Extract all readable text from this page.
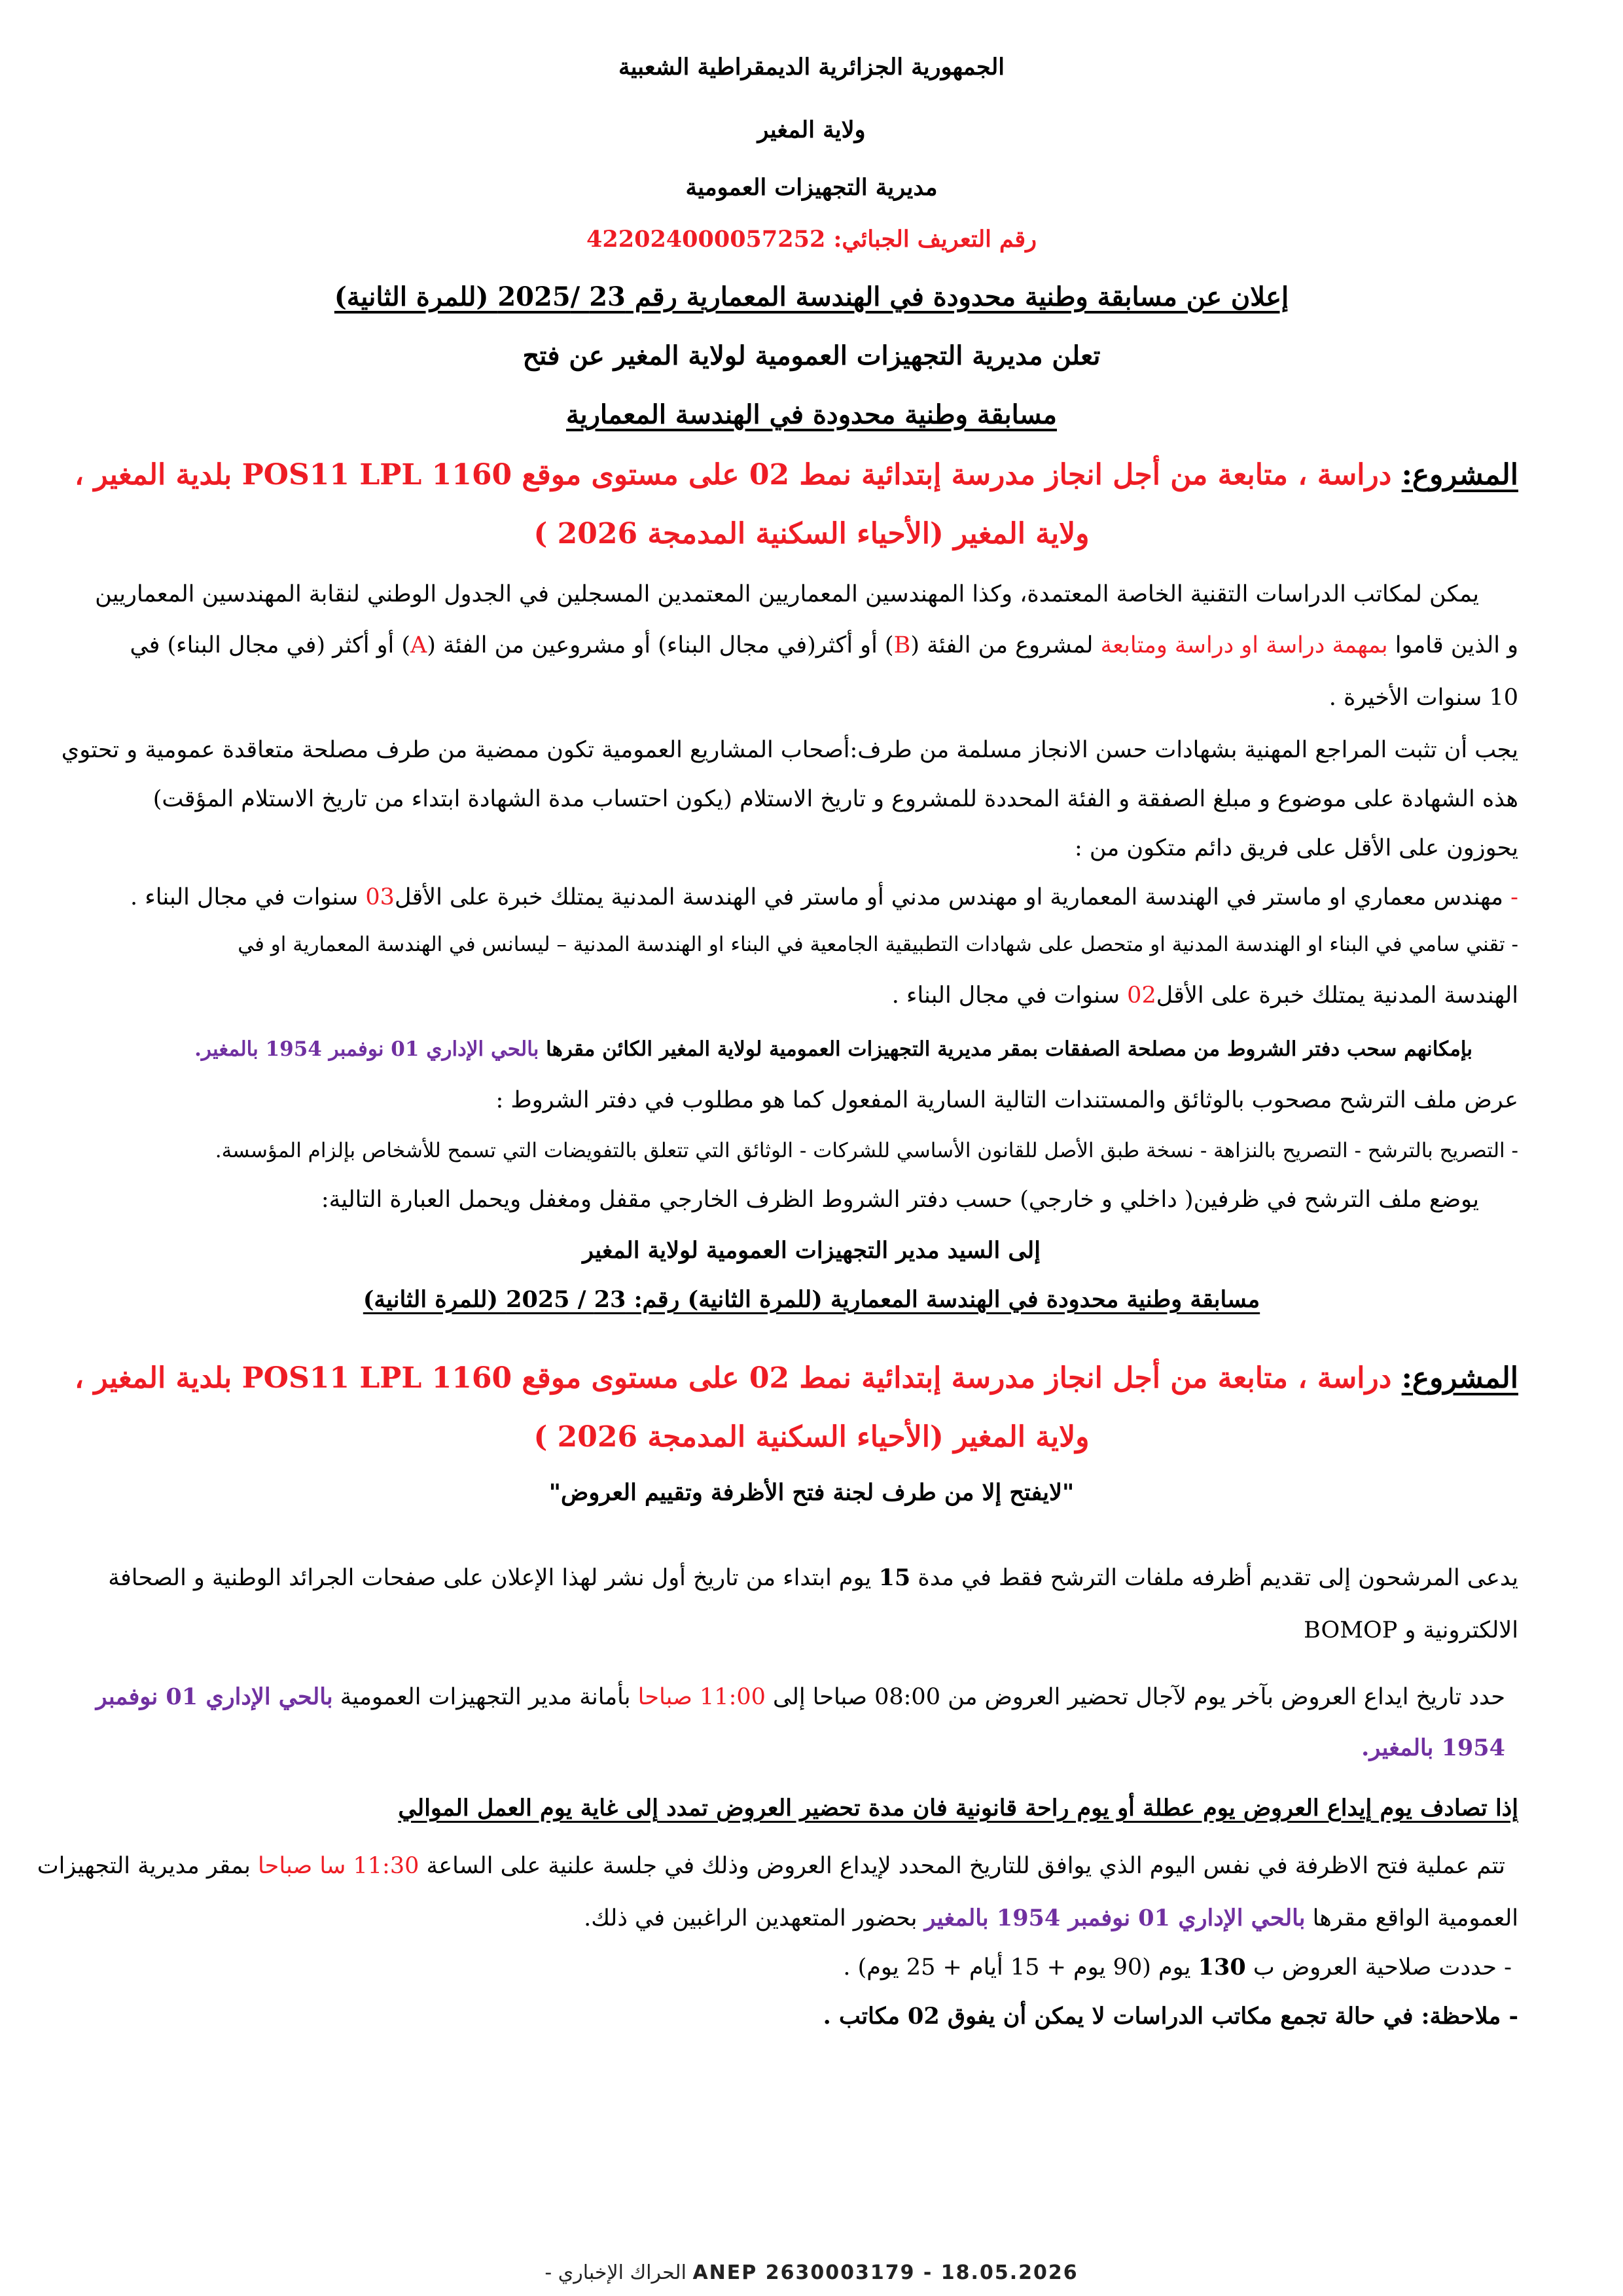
الجمهورية الجزائرية الديمقراطية الشعبية
ولاية المغير
مديرية التجهيزات العمومية
رقم التعريف الجبائي: 422024000057252
إعلان عن مسابقة وطنية محدودة في الهندسة المعمارية رقم 23 /2025 (للمرة الثانية)
تعلن مديرية التجهيزات العمومية لولاية المغير عن فتح
مسابقة وطنية محدودة في الهندسة المعمارية
المشروع: دراسة ، متابعة من أجل انجاز مدرسة إبتدائية نمط 02 على مستوى موقع POS11 LPL 1160 بلدية المغير ،
ولاية المغير (الأحياء السكنية المدمجة 2026 )
يمكن لمكاتب الدراسات التقنية الخاصة المعتمدة، وكذا المهندسين المعماريين المعتمدين المسجلين في الجدول الوطني لنقابة المهندسين المعماريين
و الذين قاموا بمهمة دراسة او دراسة ومتابعة لمشروع من الفئة (B) أو أكثر(في مجال البناء) أو مشروعين من الفئة (A) أو أكثر (في مجال البناء) في
10 سنوات الأخيرة .
يجب أن تثبت المراجع المهنية بشهادات حسن الانجاز مسلمة من طرف:أصحاب المشاريع العمومية تكون ممضية من طرف مصلحة متعاقدة عمومية و تحتوي
هذه الشهادة على موضوع و مبلغ الصفقة و الفئة المحددة للمشروع و تاريخ الاستلام (يكون احتساب مدة الشهادة ابتداء من تاريخ الاستلام المؤقت)
يحوزون على الأقل على فريق دائم متكون من :
- مهندس معماري او ماستر في الهندسة المعمارية او مهندس مدني أو ماستر في الهندسة المدنية يمتلك خبرة على الأقل03 سنوات في مجال البناء .
- تقني سامي في البناء او الهندسة المدنية او متحصل على شهادات التطبيقية الجامعية في البناء او الهندسة المدنية – ليسانس في الهندسة المعمارية او في
الهندسة المدنية يمتلك خبرة على الأقل02 سنوات في مجال البناء .
بإمكانهم سحب دفتر الشروط من مصلحة الصفقات بمقر مديرية التجهيزات العمومية لولاية المغير الكائن مقرها بالحي الإداري 01 نوفمبر 1954 بالمغير.
عرض ملف الترشح مصحوب بالوثائق والمستندات التالية السارية المفعول كما هو مطلوب في دفتر الشروط :
- التصريح بالترشح - التصريح بالنزاهة - نسخة طبق الأصل للقانون الأساسي للشركات - الوثائق التي تتعلق بالتفويضات التي تسمح للأشخاص بإلزام المؤسسة.
يوضع ملف الترشح في ظرفين( داخلي و خارجي) حسب دفتر الشروط الظرف الخارجي مقفل ومغفل ويحمل العبارة التالية:
إلى السيد مدير التجهيزات العمومية لولاية المغير
مسابقة وطنية محدودة في الهندسة المعمارية (للمرة الثانية) رقم: 23 / 2025 (للمرة الثانية)
المشروع: دراسة ، متابعة من أجل انجاز مدرسة إبتدائية نمط 02 على مستوى موقع POS11 LPL 1160 بلدية المغير ،
ولاية المغير (الأحياء السكنية المدمجة 2026 )
"لايفتح إلا من طرف لجنة فتح الأظرفة وتقييم العروض"
يدعى المرشحون إلى تقديم أظرفه ملفات الترشح فقط في مدة 15 يوم ابتداء من تاريخ أول نشر لهذا الإعلان على صفحات الجرائد الوطنية و الصحافة
الالكترونية و BOMOP
حدد تاريخ ايداع العروض بآخر يوم لآجال تحضير العروض من 08:00 صباحا إلى 11:00 صباحا بأمانة مدير التجهيزات العمومية بالحي الإداري 01 نوفمبر
1954 بالمغير.
إذا تصادف يوم إيداع العروض يوم عطلة أو يوم راحة قانونية فان مدة تحضير العروض تمدد إلى غاية يوم العمل الموالي
تتم عملية فتح الاظرفة في نفس اليوم الذي يوافق للتاريخ المحدد لإيداع العروض وذلك في جلسة علنية على الساعة 11:30 سا صباحا بمقر مديرية التجهيزات
العمومية الواقع مقرها بالحي الإداري 01 نوفمبر 1954 بالمغير بحضور المتعهدين الراغبين في ذلك.
- حددت صلاحية العروض ب 130 يوم (90 يوم + 15 أيام + 25 يوم) .
- ملاحظة: في حالة تجمع مكاتب الدراسات لا يمكن أن يفوق 02 مكاتب .
ANEP 2630003179 - 18.05.2026 الحراك الإخباري -
